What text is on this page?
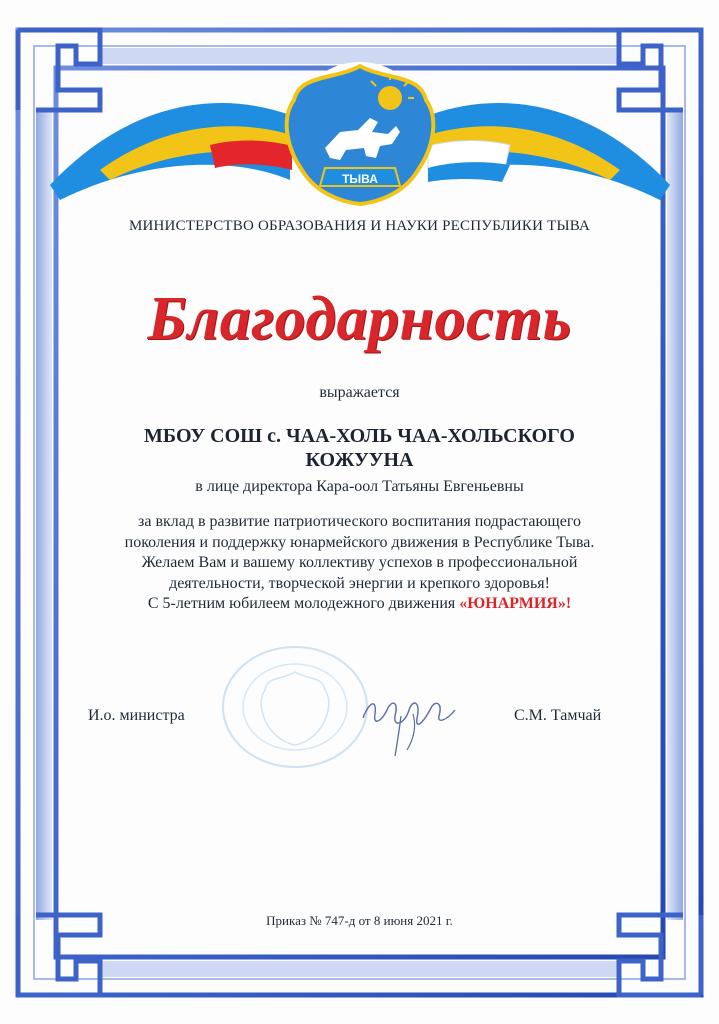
ТЫВА
МИНИСТЕРСТВО ОБРАЗОВАНИЯ И НАУКИ РЕСПУБЛИКИ ТЫВА
Благодарность
выражается
МБОУ СОШ с. ЧАА-ХОЛЬ ЧАА-ХОЛЬСКОГО
КОЖУУНА
в лице директора Кара-оол Татьяны Евгеньевны
за вклад в развитие патриотического воспитания подрастающего
поколения и поддержку юнармейского движения в Республике Тыва.
Желаем Вам и вашему коллективу успехов в профессиональной
деятельности, творческой энергии и крепкого здоровья!
С 5-летним юбилеем молодежного движения «ЮНАРМИЯ»!
И.о. министра	С.М. Тамчай
Приказ № 747-д от 8 июня 2021 г.
